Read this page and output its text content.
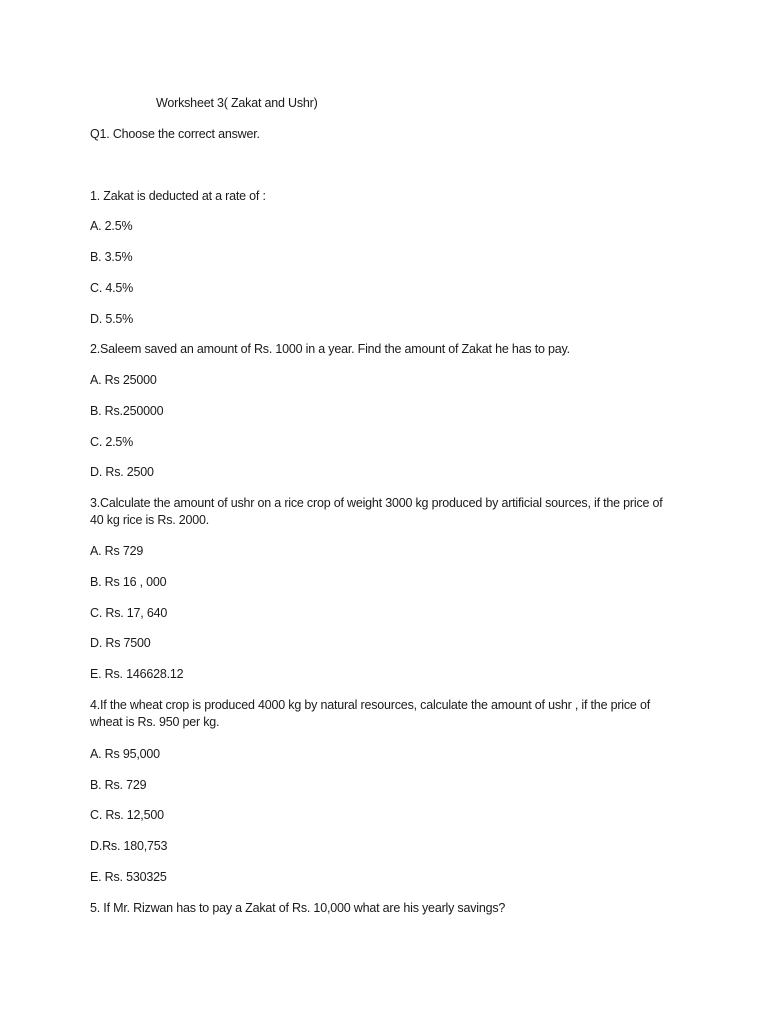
Worksheet 3( Zakat and Ushr)
Q1. Choose the correct answer.
1. Zakat is deducted at a rate of :
A. 2.5%
B. 3.5%
C. 4.5%
D. 5.5%
2.Saleem saved an amount of Rs. 1000 in a year. Find the amount of Zakat he has to pay.
A. Rs 25000
B. Rs.250000
C. 2.5%
D. Rs. 2500
3.Calculate the amount of ushr on a rice crop of weight 3000 kg produced by artificial sources, if the price of 40 kg rice is Rs. 2000.
A. Rs 729
B. Rs 16 , 000
C. Rs. 17, 640
D. Rs 7500
E. Rs. 146628.12
4.If the wheat crop is produced 4000 kg by natural resources, calculate the amount of ushr , if the price of wheat is Rs. 950 per kg.
A. Rs 95,000
B. Rs. 729
C. Rs. 12,500
D.Rs. 180,753
E. Rs. 530325
5. If Mr. Rizwan has to pay a Zakat of Rs. 10,000 what are his yearly savings?
